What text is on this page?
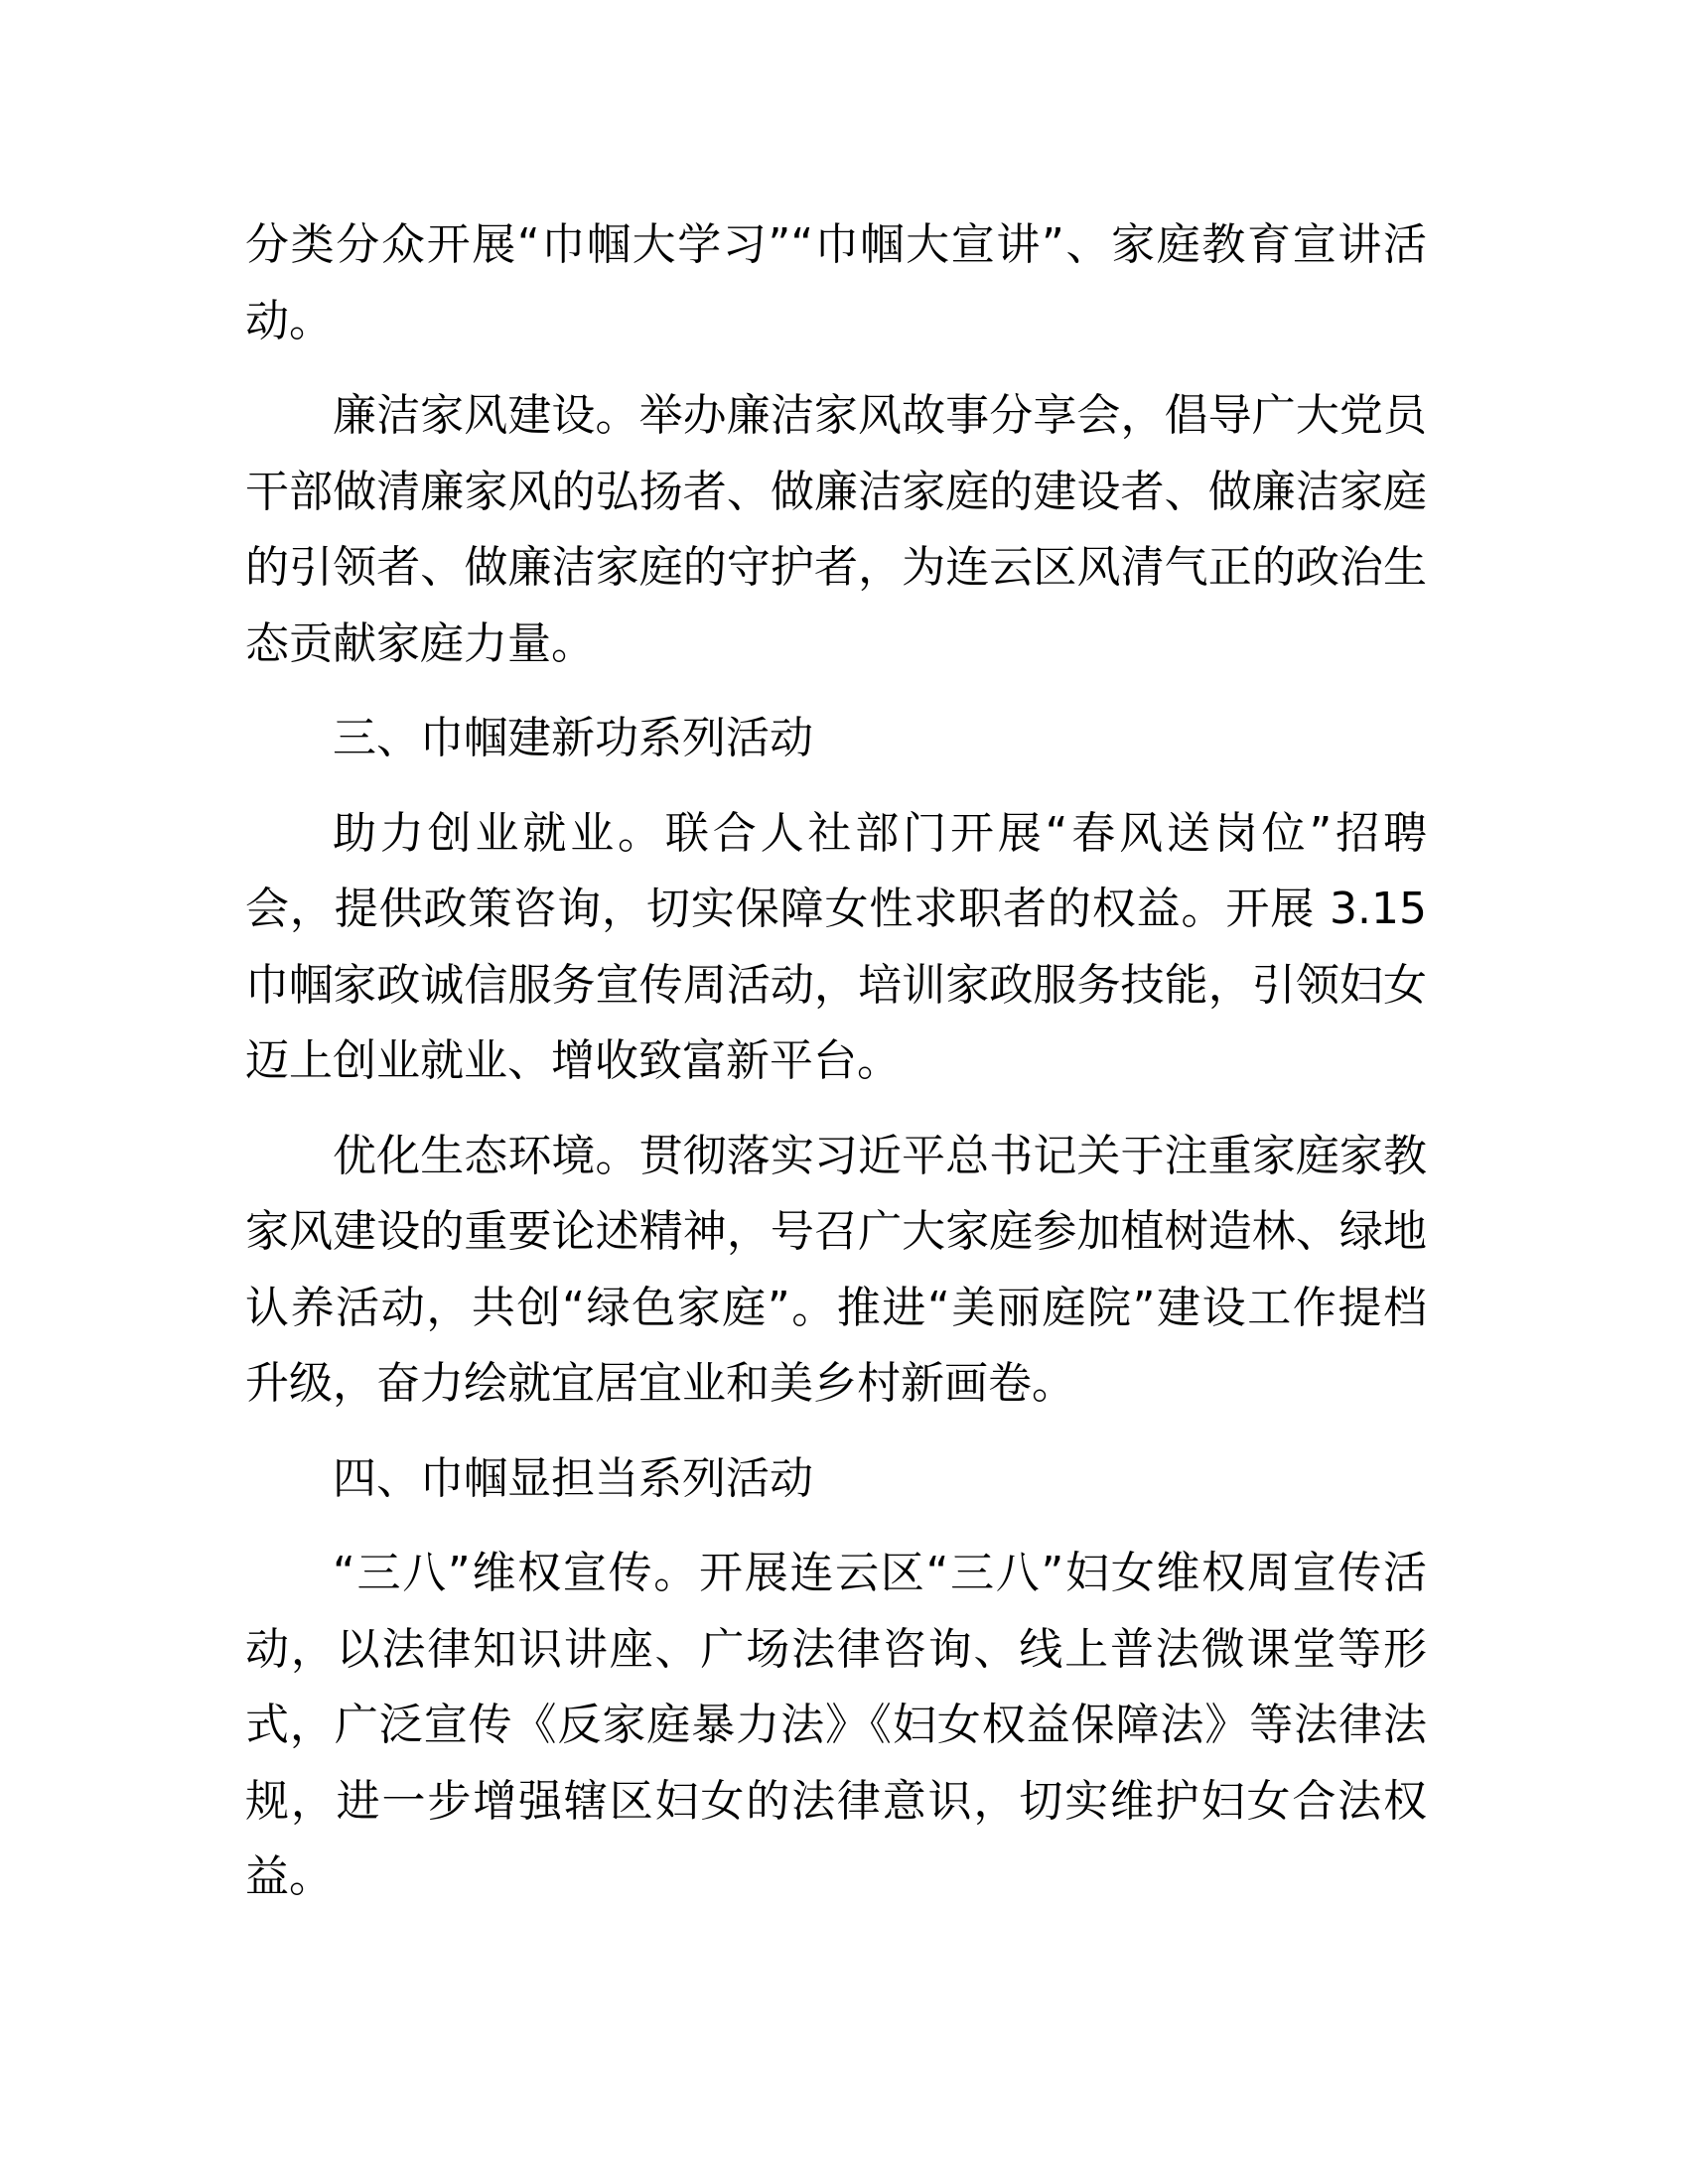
分类分众开展“巾帼大学习”“巾帼大宣讲”、家庭教育宣讲活
动。
廉洁家风建设。举办廉洁家风故事分享会，倡导广大党员
干部做清廉家风的弘扬者、做廉洁家庭的建设者、做廉洁家庭
的引领者、做廉洁家庭的守护者，为连云区风清气正的政治生
态贡献家庭力量。
三、巾帼建新功系列活动
助力创业就业。联合人社部门开展“春风送岗位”招聘
会，提供政策咨询，切实保障女性求职者的权益。开展 3.15
巾帼家政诚信服务宣传周活动，培训家政服务技能，引领妇女
迈上创业就业、增收致富新平台。
优化生态环境。贯彻落实习近平总书记关于注重家庭家教
家风建设的重要论述精神，号召广大家庭参加植树造林、绿地
认养活动，共创“绿色家庭”。推进“美丽庭院”建设工作提档
升级，奋力绘就宜居宜业和美乡村新画卷。
四、巾帼显担当系列活动
“三八”维权宣传。开展连云区“三八”妇女维权周宣传活
动，以法律知识讲座、广场法律咨询、线上普法微课堂等形
式，广泛宣传《反家庭暴力法》《妇女权益保障法》等法律法
规，进一步增强辖区妇女的法律意识，切实维护妇女合法权
益。
